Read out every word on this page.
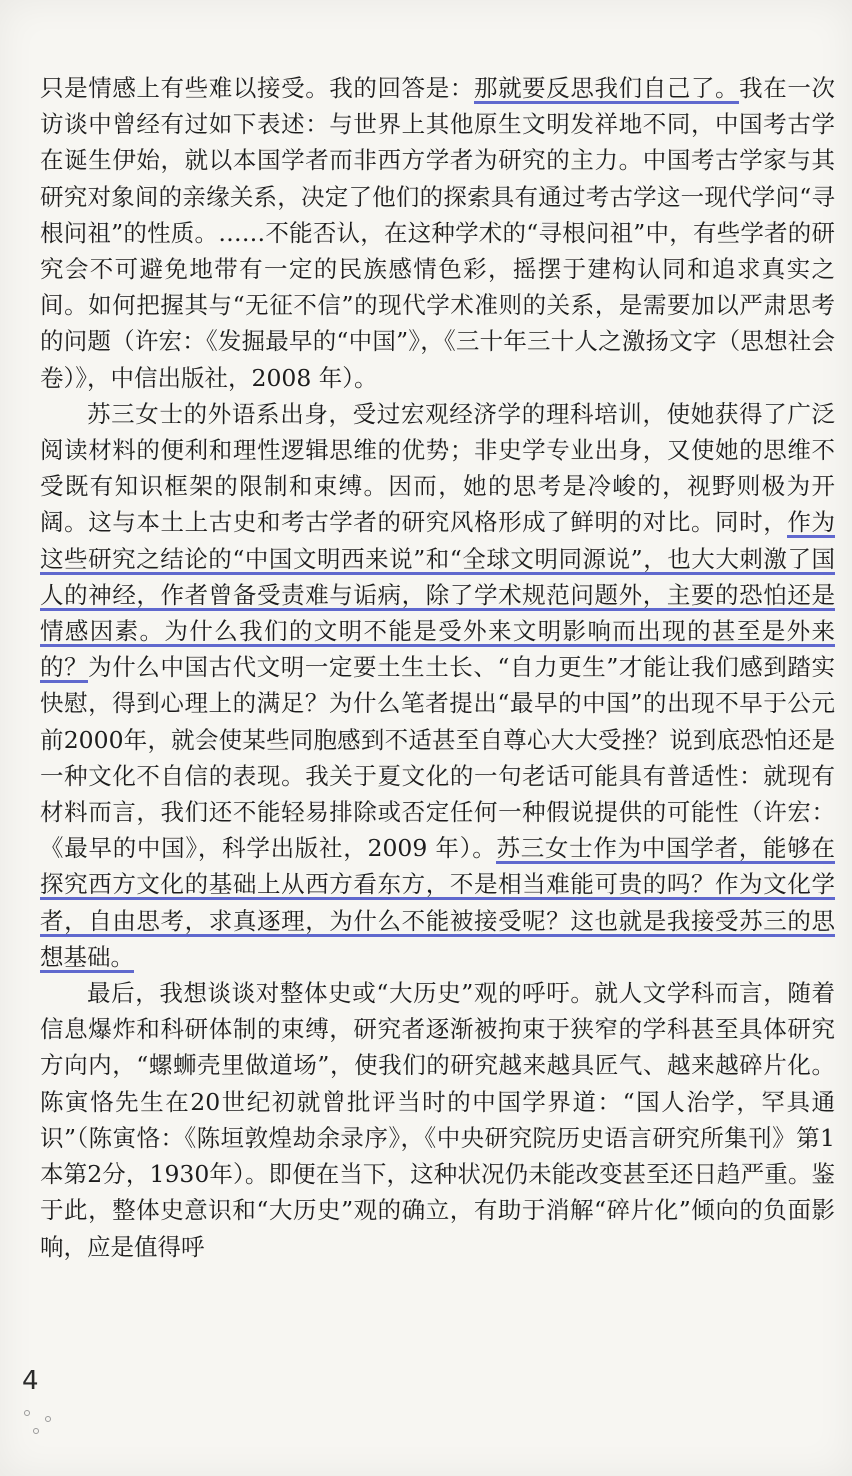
只是情感上有些难以接受。我的回答是：那就要反思我们自己了。我在一次访谈中曾经有过如下表述：与世界上其他原生文明发祥地不同，中国考古学在诞生伊始，就以本国学者而非西方学者为研究的主力。中国考古学家与其研究对象间的亲缘关系，决定了他们的探索具有通过考古学这一现代学问“寻根问祖”的性质。……不能否认，在这种学术的“寻根问祖”中，有些学者的研究会不可避免地带有一定的民族感情色彩，摇摆于建构认同和追求真实之间。如何把握其与“无征不信”的现代学术准则的关系，是需要加以严肃思考的问题（许宏：《发掘最早的“中国”》，《三十年三十人之激扬文字（思想社会卷）》，中信出版社，2008 年）。

苏三女士的外语系出身，受过宏观经济学的理科培训，使她获得了广泛阅读材料的便利和理性逻辑思维的优势；非史学专业出身，又使她的思维不受既有知识框架的限制和束缚。因而，她的思考是冷峻的，视野则极为开阔。这与本土上古史和考古学者的研究风格形成了鲜明的对比。同时，作为这些研究之结论的“中国文明西来说”和“全球文明同源说”，也大大刺激了国人的神经，作者曾备受责难与诟病，除了学术规范问题外，主要的恐怕还是情感因素。为什么我们的文明不能是受外来文明影响而出现的甚至是外来的？为什么中国古代文明一定要土生土长、“自力更生”才能让我们感到踏实快慰，得到心理上的满足？为什么笔者提出“最早的中国”的出现不早于公元前2000年，就会使某些同胞感到不适甚至自尊心大大受挫？说到底恐怕还是一种文化不自信的表现。我关于夏文化的一句老话可能具有普适性：就现有材料而言，我们还不能轻易排除或否定任何一种假说提供的可能性（许宏：《最早的中国》，科学出版社，2009 年）。苏三女士作为中国学者，能够在探究西方文化的基础上从西方看东方，不是相当难能可贵的吗？作为文化学者，自由思考，求真逐理，为什么不能被接受呢？这也就是我接受苏三的思想基础。

最后，我想谈谈对整体史或“大历史”观的呼吁。就人文学科而言，随着信息爆炸和科研体制的束缚，研究者逐渐被拘束于狭窄的学科甚至具体研究方向内，“螺蛳壳里做道场”，使我们的研究越来越具匠气、越来越碎片化。陈寅恪先生在20世纪初就曾批评当时的中国学界道：“国人治学，罕具通识”（陈寅恪：《陈垣敦煌劫余录序》，《中央研究院历史语言研究所集刊》第1本第2分，1930年）。即便在当下，这种状况仍未能改变甚至还日趋严重。鉴于此，整体史意识和“大历史”观的确立，有助于消解“碎片化”倾向的负面影响，应是值得呼

4
